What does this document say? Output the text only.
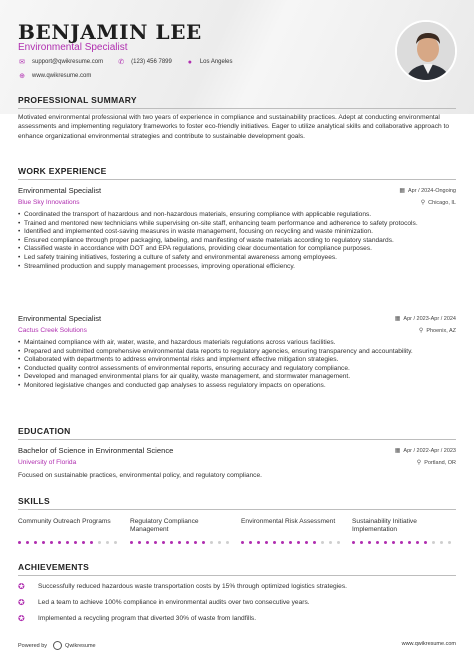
BENJAMIN LEE
Environmental Specialist
✉ support@qwikresume.com ✆ (123) 456 7899 ●	Los Angeles
⊕ www.qwikresume.com
PROFESSIONAL SUMMARY
Motivated environmental professional with two years of experience in compliance and sustainability practices. Adept at conducting environmental assessments and implementing regulatory frameworks to foster eco-friendly initiatives. Eager to utilize analytical skills and collaborative approach to enhance organizational environmental strategies and contribute to sustainable development goals.
WORK EXPERIENCE
Environmental Specialist	▦ Apr / 2024-Ongoing
Blue Sky Innovations	⚲ Chicago, IL
• Coordinated the transport of hazardous and non-hazardous materials, ensuring compliance with applicable regulations.
• Trained and mentored new technicians while supervising on-site staff, enhancing team performance and adherence to safety protocols.
• Identified and implemented cost-saving measures in waste management, focusing on recycling and waste minimization.
• Ensured compliance through proper packaging, labeling, and manifesting of waste materials according to regulatory standards.
• Classified waste in accordance with DOT and EPA regulations, providing clear documentation for compliance purposes.
• Led safety training initiatives, fostering a culture of safety and environmental awareness among employees.
• Streamlined production and supply management processes, improving operational efficiency.
Environmental Specialist	▦ Apr / 2023-Apr / 2024
Cactus Creek Solutions	⚲ Phoenix, AZ
• Maintained compliance with air, water, waste, and hazardous materials regulations across various facilities.
• Prepared and submitted comprehensive environmental data reports to regulatory agencies, ensuring transparency and accountability.
• Collaborated with departments to address environmental risks and implement effective mitigation strategies.
• Conducted quality control assessments of environmental reports, ensuring accuracy and regulatory compliance.
• Developed and managed environmental plans for air quality, waste management, and stormwater management.
• Monitored legislative changes and conducted gap analyses to assess regulatory impacts on operations.
EDUCATION
Bachelor of Science in Environmental Science	▦ Apr / 2022-Apr / 2023
University of Florida	⚲ Portland, OR
Focused on sustainable practices, environmental policy, and regulatory compliance.
SKILLS
Community Outreach Programs	Regulatory Compliance Management
Environmental Risk Assessment	Sustainability Initiative Implementation
ACHIEVEMENTS
✪	Successfully reduced hazardous waste transportation costs by 15% through optimized logistics strategies.
✪	Led a team to achieve 100% compliance in environmental audits over two consecutive years.
✪	Implemented a recycling program that diverted 30% of waste from landfills.
Powered by	Qwikresume	www.qwikresume.com
